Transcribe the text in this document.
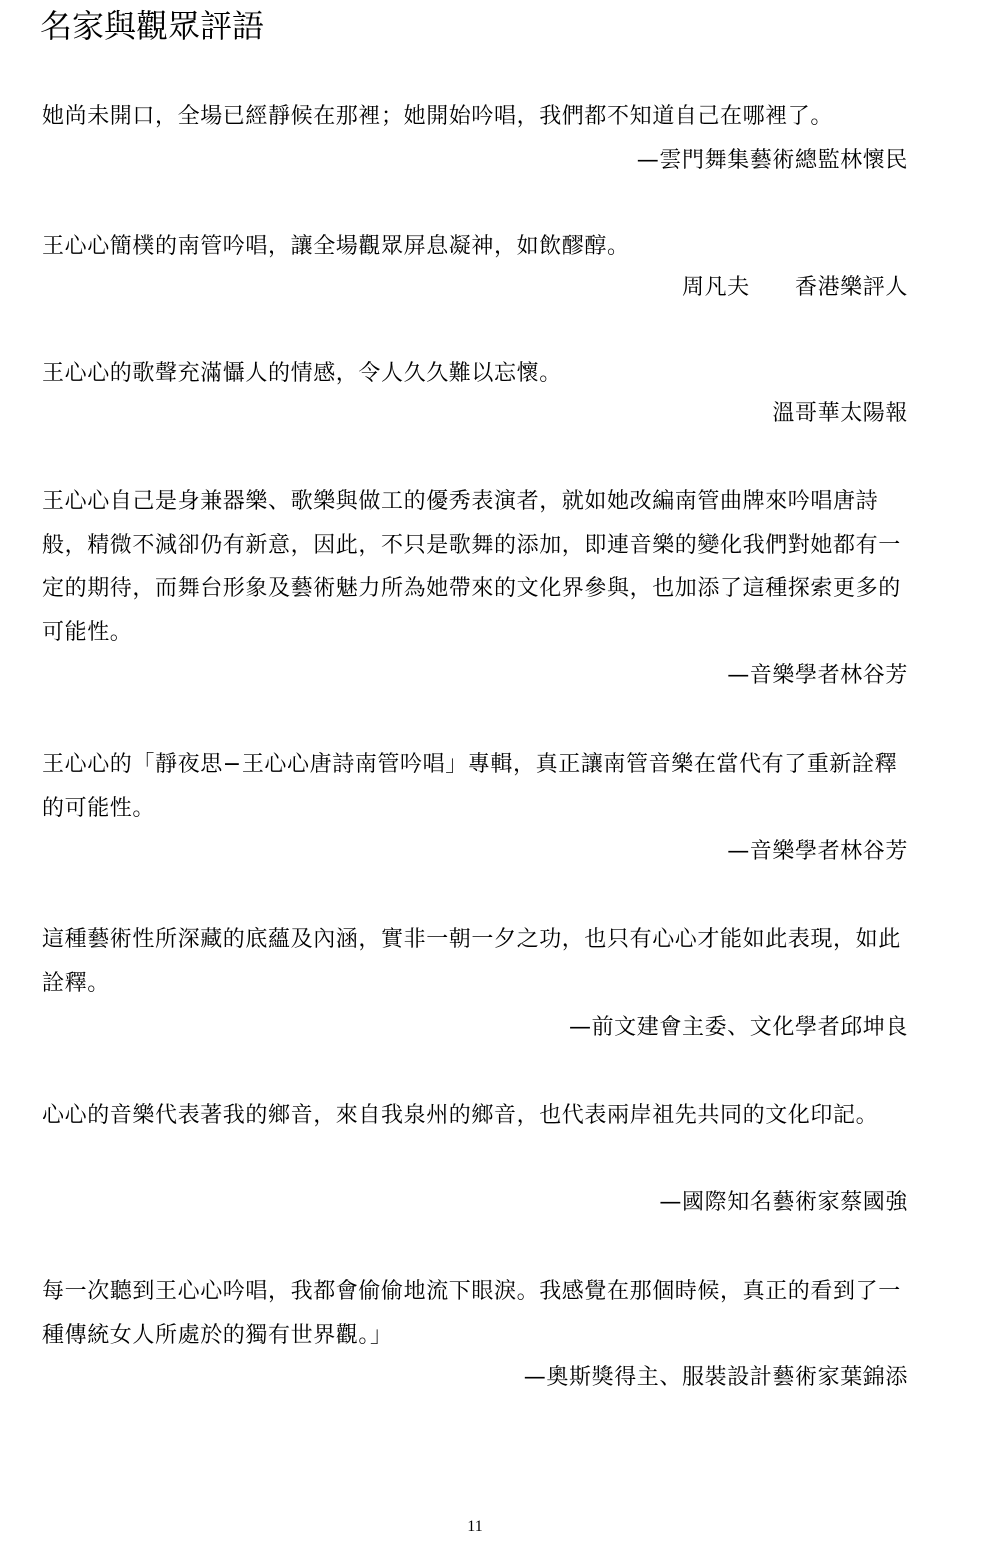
名家與觀眾評語
她尚未開口，全場已經靜候在那裡；她開始吟唱，我們都不知道自己在哪裡了。
—雲門舞集藝術總監林懷民
王心心簡樸的南管吟唱，讓全場觀眾屏息凝神，如飲醪醇。
周凡夫　　香港樂評人
王心心的歌聲充滿懾人的情感，令人久久難以忘懷。
溫哥華太陽報
王心心自己是身兼器樂、歌樂與做工的優秀表演者，就如她改編南管曲牌來吟唱唐詩般，精微不減卻仍有新意，因此，不只是歌舞的添加，即連音樂的變化我們對她都有一定的期待，而舞台形象及藝術魅力所為她帶來的文化界參與，也加添了這種探索更多的可能性。
—音樂學者林谷芳
王心心的「靜夜思−王心心唐詩南管吟唱」專輯，真正讓南管音樂在當代有了重新詮釋的可能性。
—音樂學者林谷芳
這種藝術性所深藏的底蘊及內涵，實非一朝一夕之功，也只有心心才能如此表現，如此詮釋。
—前文建會主委、文化學者邱坤良
心心的音樂代表著我的鄉音，來自我泉州的鄉音，也代表兩岸祖先共同的文化印記。
—國際知名藝術家蔡國強
每一次聽到王心心吟唱，我都會偷偷地流下眼淚。我感覺在那個時候，真正的看到了一種傳統女人所處於的獨有世界觀。」
—奧斯獎得主、服裝設計藝術家葉錦添
11
